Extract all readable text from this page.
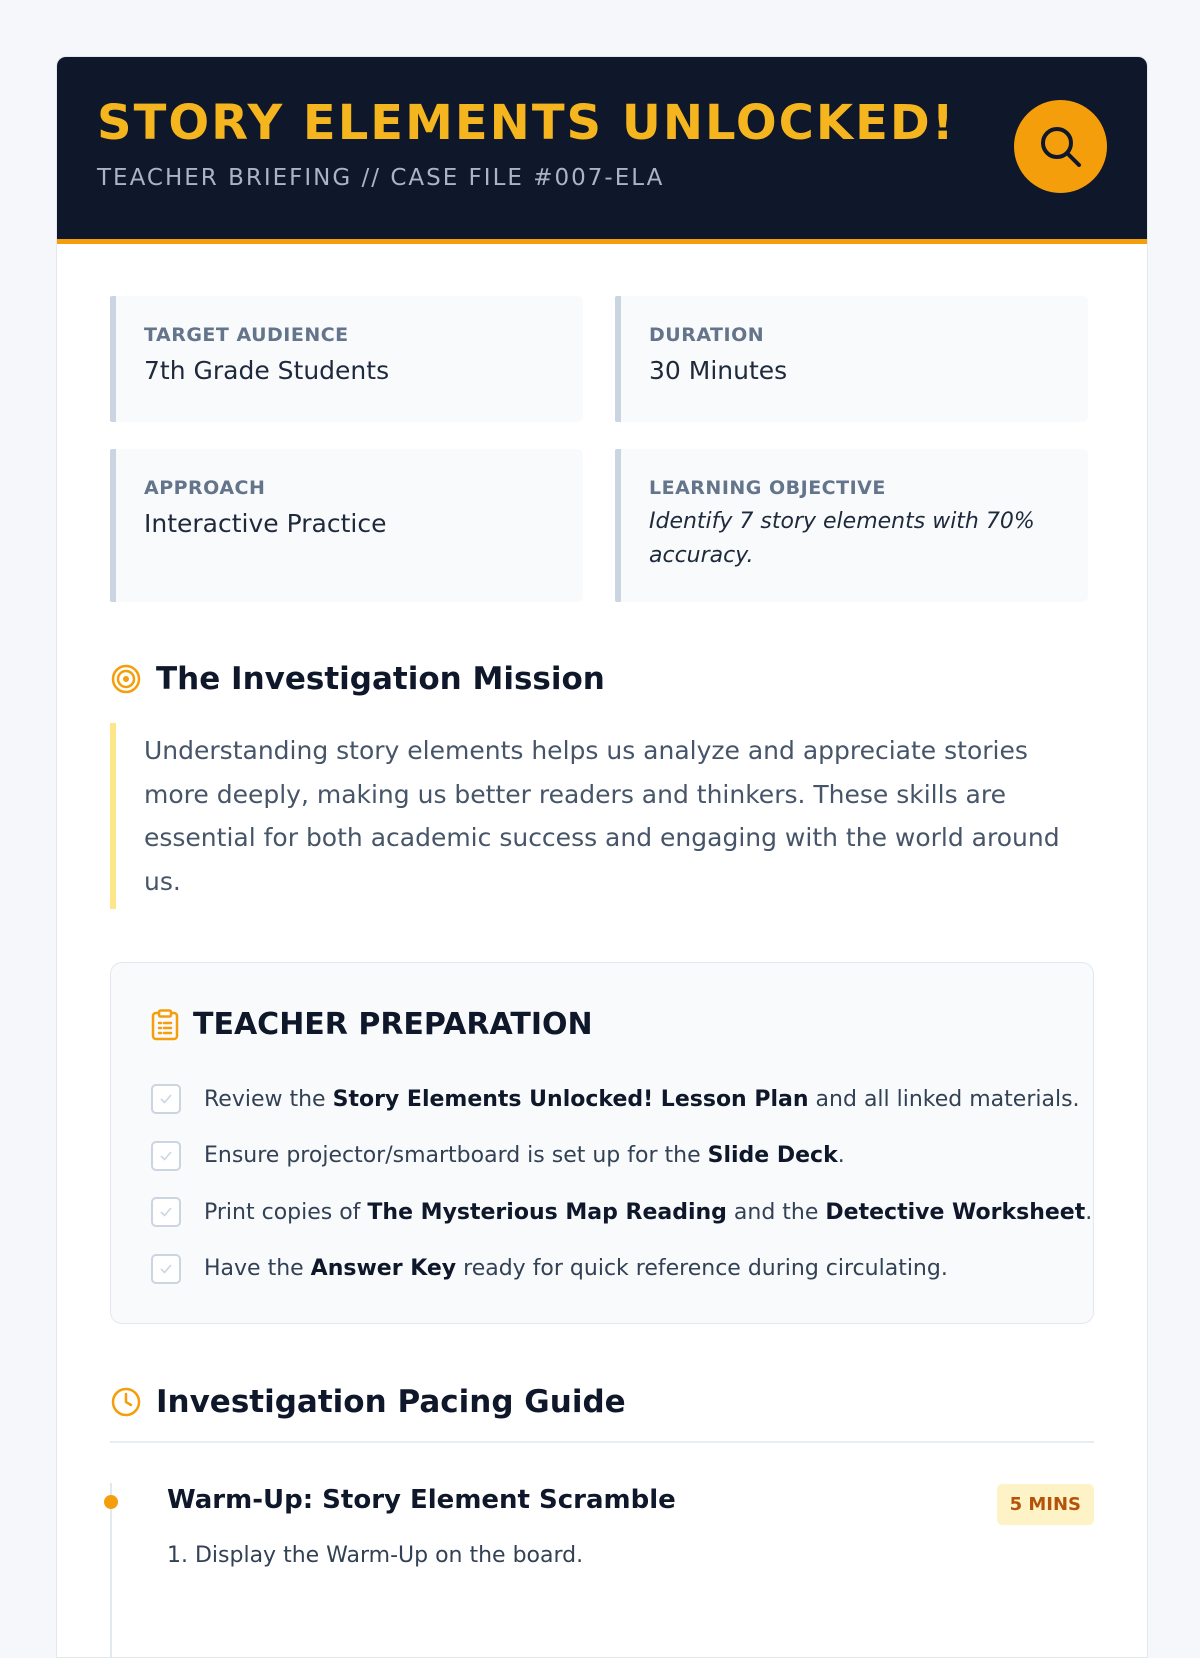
STORY ELEMENTS UNLOCKED!
TEACHER BRIEFING // CASE FILE #007-ELA
TARGET AUDIENCE
7th Grade Students
DURATION
30 Minutes
APPROACH
Interactive Practice
LEARNING OBJECTIVE
Identify 7 story elements with 70% accuracy.
The Investigation Mission
Understanding story elements helps us analyze and appreciate stories more deeply, making us better readers and thinkers. These skills are essential for both academic success and engaging with the world around us.
TEACHER PREPARATION
Review the Story Elements Unlocked! Lesson Plan and all linked materials.
Ensure projector/smartboard is set up for the Slide Deck.
Print copies of The Mysterious Map Reading and the Detective Worksheet.
Have the Answer Key ready for quick reference during circulating.
Investigation Pacing Guide
Warm-Up: Story Element Scramble	5 MINS
1. Display the Warm-Up on the board.
